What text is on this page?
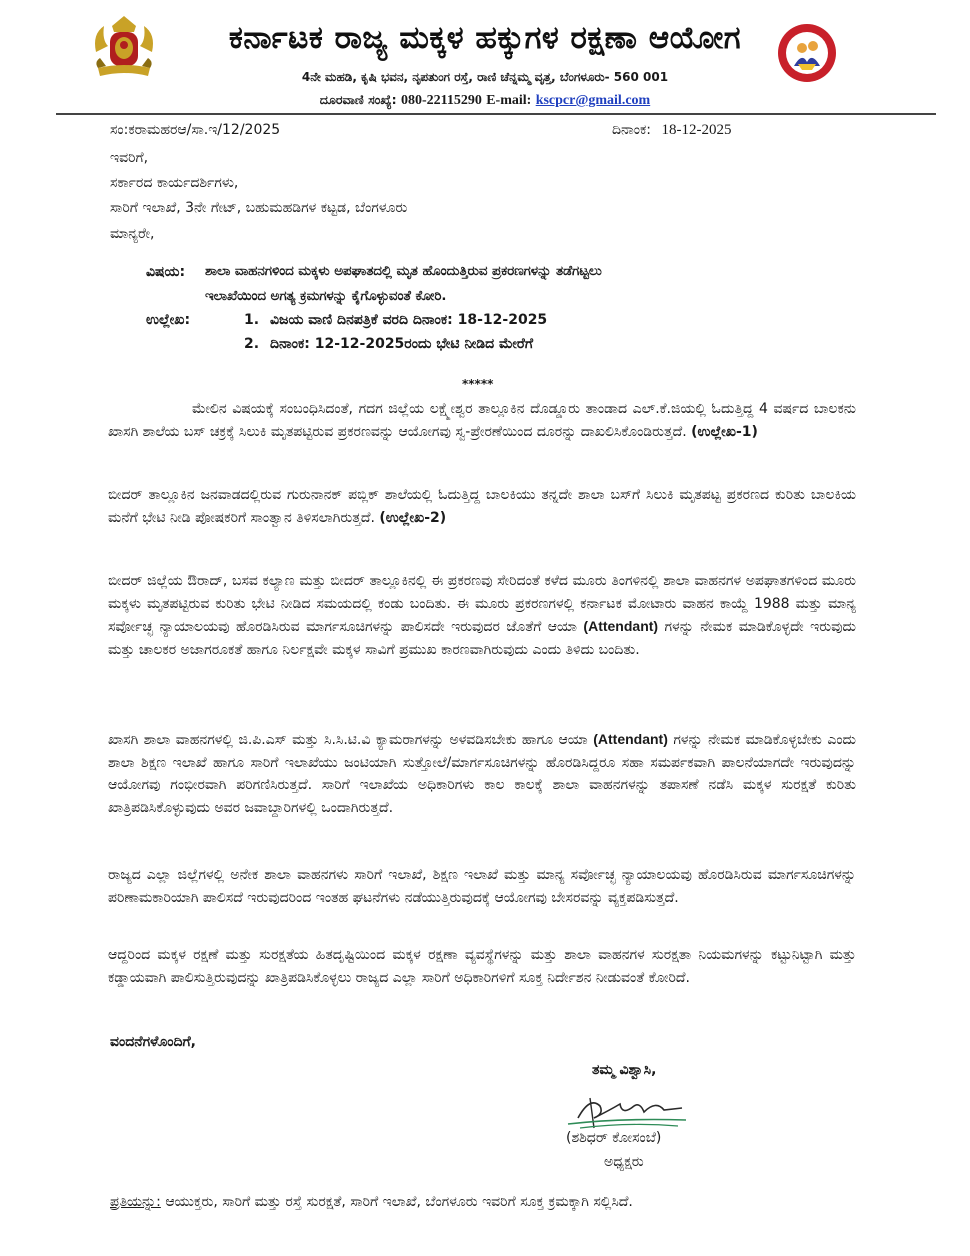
ಕರ್ನಾಟಕ ರಾಜ್ಯ ಮಕ್ಕಳ ಹಕ್ಕುಗಳ ರಕ್ಷಣಾ ಆಯೋಗ
4ನೇ ಮಹಡಿ, ಕೃಷಿ ಭವನ, ನೃಪತುಂಗ ರಸ್ತೆ, ರಾಣಿ ಚೆನ್ನಮ್ಮ ವೃತ್ತ, ಬೆಂಗಳೂರು- 560 001
ದೂರವಾಣಿ ಸಂಖ್ಯೆ: 080-22115290 E-mail: kscpcr@gmail.com
ಸಂ:ಕರಾಮಹರಆ/ಸಾ.ಇ/12/2025	ದಿನಾಂಕ: 18-12-2025
ಇವರಿಗೆ,
ಸರ್ಕಾರದ ಕಾರ್ಯದರ್ಶಿಗಳು,
ಸಾರಿಗೆ ಇಲಾಖೆ, 3ನೇ ಗೇಟ್, ಬಹುಮಹಡಿಗಳ ಕಟ್ಟಡ, ಬೆಂಗಳೂರು
ಮಾನ್ಯರೇ,
ವಿಷಯ: ಶಾಲಾ ವಾಹನಗಳಿಂದ ಮಕ್ಕಳು ಅಪಘಾತದಲ್ಲಿ ಮೃತ ಹೊಂದುತ್ತಿರುವ ಪ್ರಕರಣಗಳನ್ನು ತಡೆಗಟ್ಟಲು
ಇಲಾಖೆಯಿಂದ ಅಗತ್ಯ ಕ್ರಮಗಳನ್ನು ಕೈಗೊಳ್ಳುವಂತೆ ಕೋರಿ.
ಉಲ್ಲೇಖ:	1. ವಿಜಯ ವಾಣಿ ದಿನಪತ್ರಿಕೆ ವರದಿ ದಿನಾಂಕ: 18-12-2025
2. ದಿನಾಂಕ: 12-12-2025ರಂದು ಭೇಟಿ ನೀಡಿದ ಮೇರೆಗೆ
*****
ಮೇಲಿನ ವಿಷಯಕ್ಕೆ ಸಂಬಂಧಿಸಿದಂತೆ, ಗದಗ ಜಿಲ್ಲೆಯ ಲಕ್ಷ್ಮೇಶ್ವರ ತಾಲ್ಲೂಕಿನ ದೊಡ್ಡೂರು ತಾಂಡಾದ ಎಲ್.ಕೆ.ಜಿಯಲ್ಲಿ ಓದುತ್ತಿದ್ದ 4 ವರ್ಷದ ಬಾಲಕನು ಖಾಸಗಿ ಶಾಲೆಯ ಬಸ್ ಚಕ್ರಕ್ಕೆ ಸಿಲುಕಿ ಮೃತಪಟ್ಟಿರುವ ಪ್ರಕರಣವನ್ನು ಆಯೋಗವು ಸ್ವ-ಪ್ರೇರಣೆಯಿಂದ ದೂರನ್ನು ದಾಖಲಿಸಿಕೊಂಡಿರುತ್ತದೆ. (ಉಲ್ಲೇಖ-1)
ಬೀದರ್ ತಾಲ್ಲೂಕಿನ ಜನವಾಡದಲ್ಲಿರುವ ಗುರುನಾನಕ್ ಪಬ್ಲಿಕ್ ಶಾಲೆಯಲ್ಲಿ ಓದುತ್ತಿದ್ದ ಬಾಲಕಿಯು ತನ್ನದೇ ಶಾಲಾ ಬಸ್‌ಗೆ ಸಿಲುಕಿ ಮೃತಪಟ್ಟ ಪ್ರಕರಣದ ಕುರಿತು ಬಾಲಕಿಯ ಮನೆಗೆ ಭೇಟಿ ನೀಡಿ ಪೋಷಕರಿಗೆ ಸಾಂತ್ವಾನ ತಿಳಿಸಲಾಗಿರುತ್ತದೆ. (ಉಲ್ಲೇಖ-2)
ಬೀದರ್ ಜಿಲ್ಲೆಯ ಔರಾದ್, ಬಸವ ಕಲ್ಯಾಣ ಮತ್ತು ಬೀದರ್ ತಾಲ್ಲೂಕಿನಲ್ಲಿ ಈ ಪ್ರಕರಣವು ಸೇರಿದಂತೆ ಕಳೆದ ಮೂರು ತಿಂಗಳಿನಲ್ಲಿ ಶಾಲಾ ವಾಹನಗಳ ಅಪಘಾತಗಳಿಂದ ಮೂರು ಮಕ್ಕಳು ಮೃತಪಟ್ಟಿರುವ ಕುರಿತು ಭೇಟಿ ನೀಡಿದ ಸಮಯದಲ್ಲಿ ಕಂಡು ಬಂದಿತು. ಈ ಮೂರು ಪ್ರಕರಣಗಳಲ್ಲಿ ಕರ್ನಾಟಕ ಮೋಟಾರು ವಾಹನ ಕಾಯ್ದೆ 1988 ಮತ್ತು ಮಾನ್ಯ ಸರ್ವೋಚ್ಛ ನ್ಯಾಯಾಲಯವು ಹೊರಡಿಸಿರುವ ಮಾರ್ಗಸೂಚಿಗಳನ್ನು ಪಾಲಿಸದೇ ಇರುವುದರ ಜೊತೆಗೆ ಆಯಾ (Attendant) ಗಳನ್ನು ನೇಮಕ ಮಾಡಿಕೊಳ್ಳದೇ ಇರುವುದು ಮತ್ತು ಚಾಲಕರ ಅಜಾಗರೂಕತೆ ಹಾಗೂ ನಿರ್ಲಕ್ಷವೇ ಮಕ್ಕಳ ಸಾವಿಗೆ ಪ್ರಮುಖ ಕಾರಣವಾಗಿರುವುದು ಎಂದು ತಿಳಿದು ಬಂದಿತು.
ಖಾಸಗಿ ಶಾಲಾ ವಾಹನಗಳಲ್ಲಿ ಜಿ.ಪಿ.ಎಸ್ ಮತ್ತು ಸಿ.ಸಿ.ಟಿ.ವಿ ಕ್ಯಾಮರಾಗಳನ್ನು ಅಳವಡಿಸಬೇಕು ಹಾಗೂ ಆಯಾ (Attendant) ಗಳನ್ನು ನೇಮಕ ಮಾಡಿಕೊಳ್ಳಬೇಕು ಎಂದು ಶಾಲಾ ಶಿಕ್ಷಣ ಇಲಾಖೆ ಹಾಗೂ ಸಾರಿಗೆ ಇಲಾಖೆಯು ಜಂಟಿಯಾಗಿ ಸುತ್ತೋಲೆ/ಮಾರ್ಗಸೂಚಿಗಳನ್ನು ಹೊರಡಿಸಿದ್ದರೂ ಸಹಾ ಸಮರ್ಪಕವಾಗಿ ಪಾಲನೆಯಾಗದೇ ಇರುವುದನ್ನು ಆಯೋಗವು ಗಂಭೀರವಾಗಿ ಪರಿಗಣಿಸಿರುತ್ತದೆ. ಸಾರಿಗೆ ಇಲಾಖೆಯ ಅಧಿಕಾರಿಗಳು ಕಾಲ ಕಾಲಕ್ಕೆ ಶಾಲಾ ವಾಹನಗಳನ್ನು ತಪಾಸಣೆ ನಡೆಸಿ ಮಕ್ಕಳ ಸುರಕ್ಷತೆ ಕುರಿತು ಖಾತ್ರಿಪಡಿಸಿಕೊಳ್ಳುವುದು ಅವರ ಜವಾಬ್ದಾರಿಗಳಲ್ಲಿ ಒಂದಾಗಿರುತ್ತದೆ.
ರಾಜ್ಯದ ಎಲ್ಲಾ ಜಿಲ್ಲೆಗಳಲ್ಲಿ ಅನೇಕ ಶಾಲಾ ವಾಹನಗಳು ಸಾರಿಗೆ ಇಲಾಖೆ, ಶಿಕ್ಷಣ ಇಲಾಖೆ ಮತ್ತು ಮಾನ್ಯ ಸರ್ವೋಚ್ಛ ನ್ಯಾಯಾಲಯವು ಹೊರಡಿಸಿರುವ ಮಾರ್ಗಸೂಚಿಗಳನ್ನು ಪರಿಣಾಮಕಾರಿಯಾಗಿ ಪಾಲಿಸದೆ ಇರುವುದರಿಂದ ಇಂತಹ ಘಟನೆಗಳು ನಡೆಯುತ್ತಿರುವುದಕ್ಕೆ ಆಯೋಗವು ಬೇಸರವನ್ನು ವ್ಯಕ್ತಪಡಿಸುತ್ತದೆ.
ಆದ್ದರಿಂದ ಮಕ್ಕಳ ರಕ್ಷಣೆ ಮತ್ತು ಸುರಕ್ಷತೆಯ ಹಿತದೃಷ್ಟಿಯಿಂದ ಮಕ್ಕಳ ರಕ್ಷಣಾ ವ್ಯವಸ್ಥೆಗಳನ್ನು ಮತ್ತು ಶಾಲಾ ವಾಹನಗಳ ಸುರಕ್ಷತಾ ನಿಯಮಗಳನ್ನು ಕಟ್ಟುನಿಟ್ಟಾಗಿ ಮತ್ತು ಕಡ್ಡಾಯವಾಗಿ ಪಾಲಿಸುತ್ತಿರುವುದನ್ನು ಖಾತ್ರಿಪಡಿಸಿಕೊಳ್ಳಲು ರಾಜ್ಯದ ಎಲ್ಲಾ ಸಾರಿಗೆ ಅಧಿಕಾರಿಗಳಿಗೆ ಸೂಕ್ತ ನಿರ್ದೇಶನ ನೀಡುವಂತೆ ಕೋರಿದೆ.
ವಂದನೆಗಳೊಂದಿಗೆ,
ತಮ್ಮ ವಿಶ್ವಾಸಿ,
(ಶಶಿಧರ್ ಕೋಸಂಬೆ)
ಅಧ್ಯಕ್ಷರು
ಪ್ರತಿಯನ್ನು: ಆಯುಕ್ತರು, ಸಾರಿಗೆ ಮತ್ತು ರಸ್ತೆ ಸುರಕ್ಷತೆ, ಸಾರಿಗೆ ಇಲಾಖೆ, ಬೆಂಗಳೂರು ಇವರಿಗೆ ಸೂಕ್ತ ಕ್ರಮಕ್ಕಾಗಿ ಸಲ್ಲಿಸಿದೆ.
